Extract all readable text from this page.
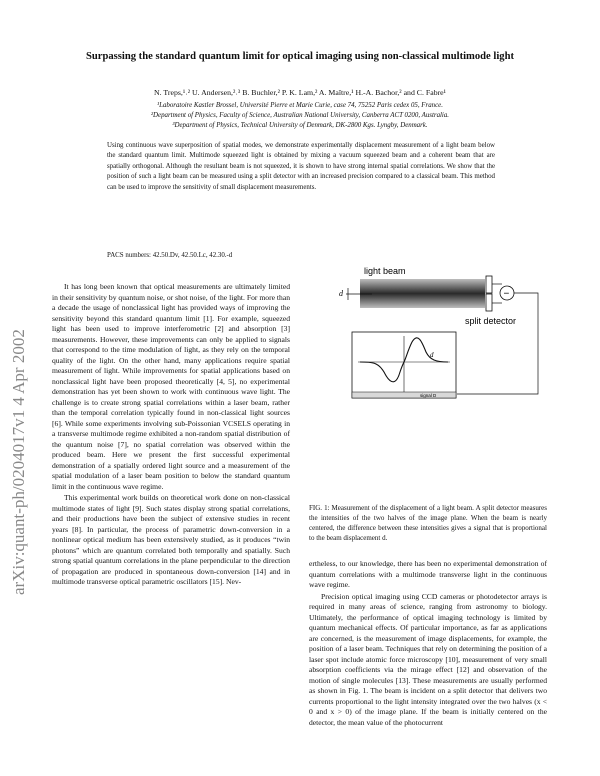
arXiv:quant-ph/0204017v1 4 Apr 2002
Surpassing the standard quantum limit for optical imaging using non-classical multimode light
N. Treps,¹˒² U. Andersen,²˒³ B. Buchler,² P. K. Lam,² A. Maître,¹ H.-A. Bachor,² and C. Fabre¹
¹Laboratoire Kastler Brossel, Université Pierre et Marie Curie, case 74, 75252 Paris cedex 05, France.
²Department of Physics, Faculty of Science, Australian National University, Canberra ACT 0200, Australia.
³Department of Physics, Technical University of Denmark, DK-2800 Kgs. Lyngby, Denmark.
Using continuous wave superposition of spatial modes, we demonstrate experimentally displacement measurement of a light beam below the standard quantum limit. Multimode squeezed light is obtained by mixing a vacuum squeezed beam and a coherent beam that are spatially orthogonal. Although the resultant beam is not squeezed, it is shown to have strong internal spatial correlations. We show that the position of such a light beam can be measured using a split detector with an increased precision compared to a classical beam. This method can be used to improve the sensitivity of small displacement measurements.
PACS numbers: 42.50.Dv, 42.50.Lc, 42.30.-d

It has long been known that optical measurements are ultimately limited in their sensitivity by quantum noise, or shot noise, of the light. For more than a decade the usage of nonclassical light has provided ways of improving the sensitivity beyond this standard quantum limit [1]. For example, squeezed light has been used to improve interferometric [2] and absorption [3] measurements. However, these improvements can only be applied to signals that correspond to the time modulation of light, as they rely on the temporal quality of the light. On the other hand, many applications require spatial measurement of light. While improvements for spatial applications based on nonclassical light have been proposed theoretically [4, 5], no experimental demonstration has yet been shown to work with continuous wave light. The challenge is to create strong spatial correlations within a laser beam, rather than the temporal correlation typically found in non-classical light sources [6]. While some experiments involving sub-Poissonian VCSELS operating in a transverse multimode regime exhibited a non-random spatial distribution of the quantum noise [7], no spatial correlation was observed within the produced beam. Here we present the first successful experimental demonstration of a spatially ordered light source and a measurement of the spatial modulation of a laser beam position to below the standard quantum limit in the continuous wave regime.

This experimental work builds on theoretical work done on non-classical multimode states of light [9]. Such states display strong spatial correlations, and their productions have been the subject of extensive studies in recent years [8]. In particular, the process of parametric down-conversion in a nonlinear optical medium has been extensively studied, as it produces “twin photons” which are quantum correlated both temporally and spatially. Such strong spatial quantum correlations in the plane perpendicular to the direction of propagation are produced in spontaneous down-conversion [14] and in multimode transverse optical parametric oscillators [15]. Nev-

light beam
d	−
split detector
d
signal D
FIG. 1: Measurement of the displacement of a light beam. A split detector measures the intensities of the two halves of the image plane. When the beam is nearly centered, the difference between these intensities gives a signal that is proportional to the beam displacement d.

ertheless, to our knowledge, there has been no experimental demonstration of quantum correlations with a multimode transverse light in the continuous wave regime.

Precision optical imaging using CCD cameras or photodetector arrays is required in many areas of science, ranging from astronomy to biology. Ultimately, the performance of optical imaging technology is limited by quantum mechanical effects. Of particular importance, as far as applications are concerned, is the measurement of image displacements, for example, the position of a laser beam. Techniques that rely on determining the position of a laser spot include atomic force microscopy [10], measurement of very small absorption coefficients via the mirage effect [12] and observation of the motion of single molecules [13]. These measurements are usually performed as shown in Fig. 1. The beam is incident on a split detector that delivers two currents proportional to the light intensity integrated over the two halves (x < 0 and x > 0) of the image plane. If the beam is initially centered on the detector, the mean value of the photocurrent
